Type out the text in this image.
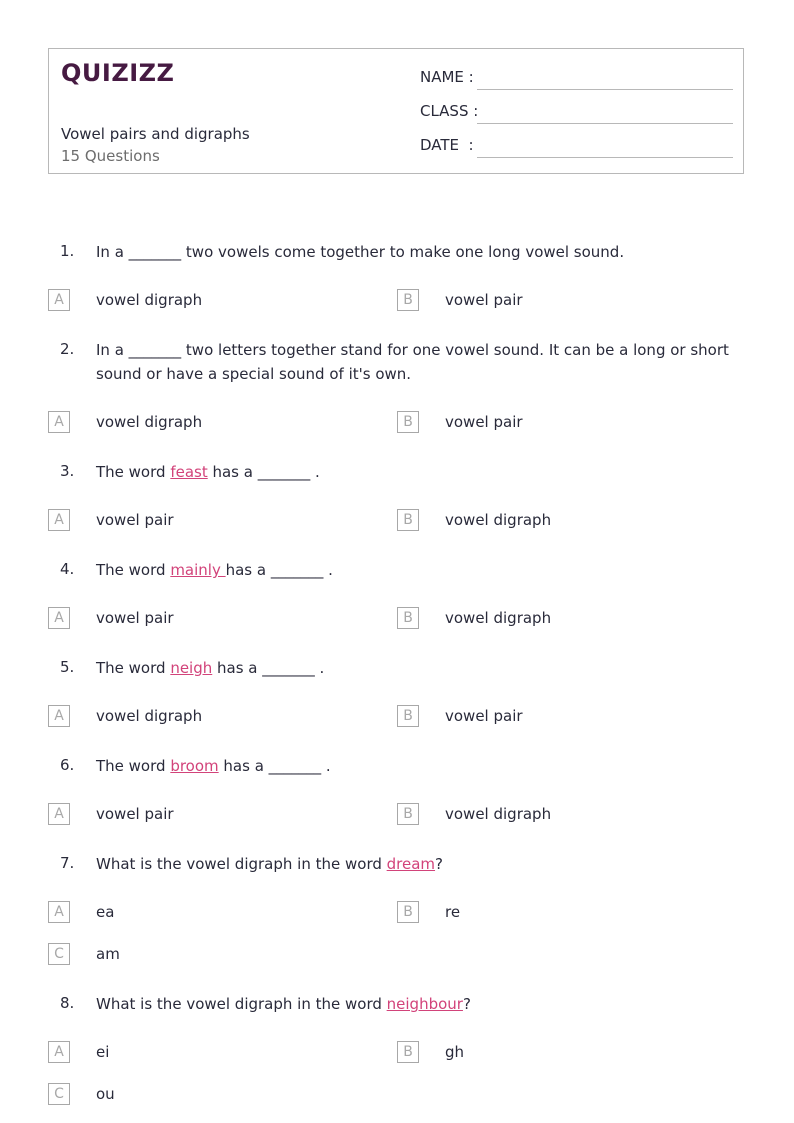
QUIZIZZ
Vowel pairs and digraphs
15 Questions
NAME :
CLASS :
DATE  :
1. In a _______ two vowels come together to make one long vowel sound.
A	vowel digraph	B	vowel pair
2. In a _______ two letters together stand for one vowel sound. It can be a long or short sound or have a special sound of it's own.
A	vowel digraph	B	vowel pair
3. The word feast has a _______ .
A	vowel pair	B	vowel digraph
4. The word mainly has a _______ .
A	vowel pair	B	vowel digraph
5. The word neigh has a _______ .
A	vowel digraph	B	vowel pair
6. The word broom has a _______ .
A	vowel pair	B	vowel digraph
7. What is the vowel digraph in the word dream?
A	ea	B	re
C	am
8. What is the vowel digraph in the word neighbour?
A	ei	B	gh
C	ou
